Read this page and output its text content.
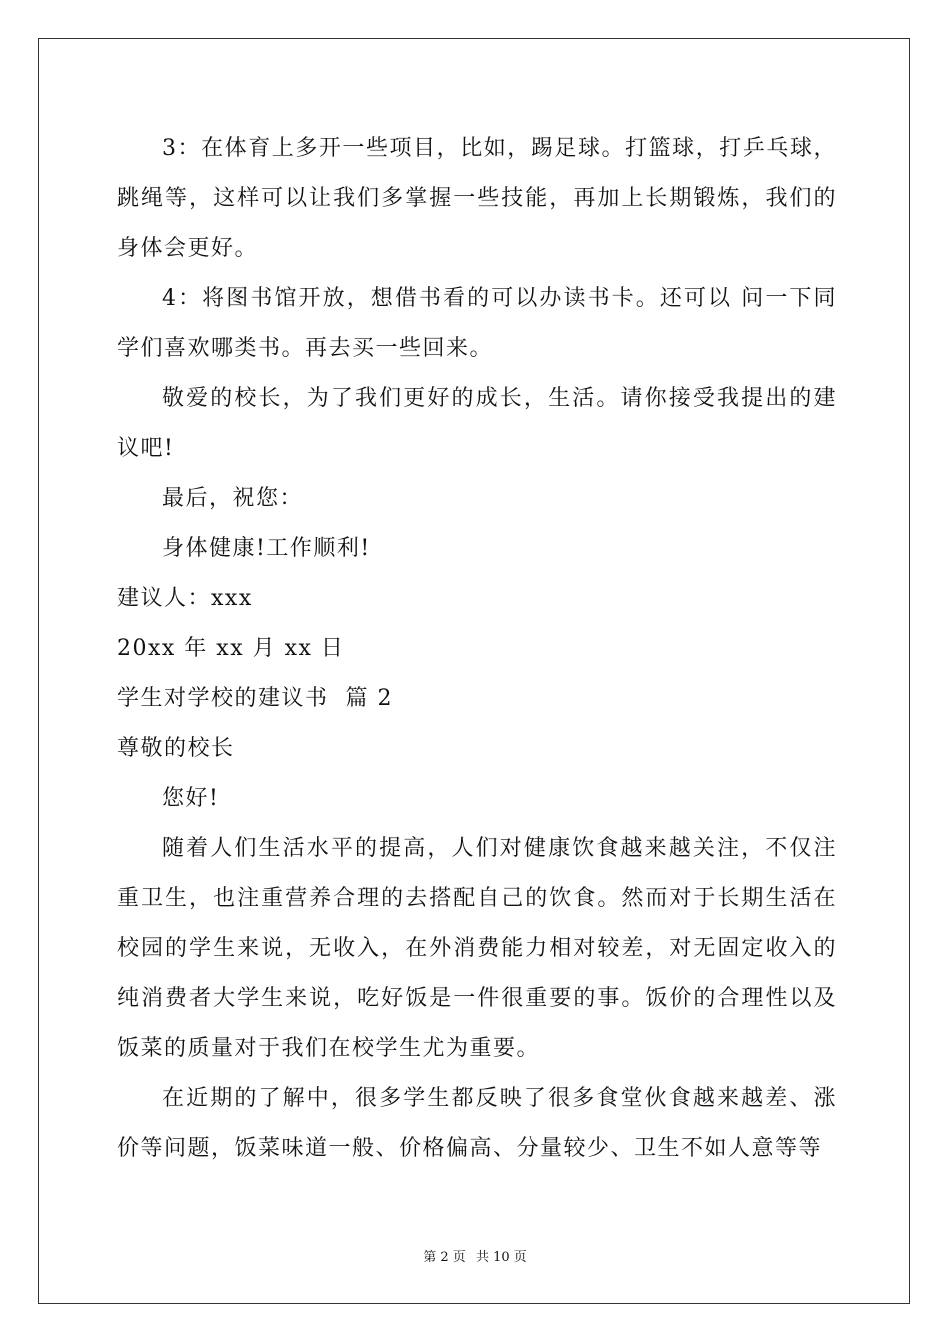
3：在体育上多开一些项目，比如，踢足球。打篮球，打乒乓球，跳绳等，这样可以让我们多掌握一些技能，再加上长期锻炼，我们的身体会更好。

4：将图书馆开放，想借书看的可以办读书卡。还可以 问一下同学们喜欢哪类书。再去买一些回来。

敬爱的校长，为了我们更好的成长，生活。请你接受我提出的建议吧!

最后，祝您：

身体健康!工作顺利!

建议人：xxx

20xx 年 xx 月 xx 日

学生对学校的建议书  篇 2

尊敬的校长

您好!

随着人们生活水平的提高，人们对健康饮食越来越关注，不仅注重卫生，也注重营养合理的去搭配自己的饮食。然而对于长期生活在校园的学生来说，无收入，在外消费能力相对较差，对无固定收入的纯消费者大学生来说，吃好饭是一件很重要的事。饭价的合理性以及饭菜的质量对于我们在校学生尤为重要。

在近期的了解中，很多学生都反映了很多食堂伙食越来越差、涨价等问题，饭菜味道一般、价格偏高、分量较少、卫生不如人意等等

第 2 页 共 10 页
